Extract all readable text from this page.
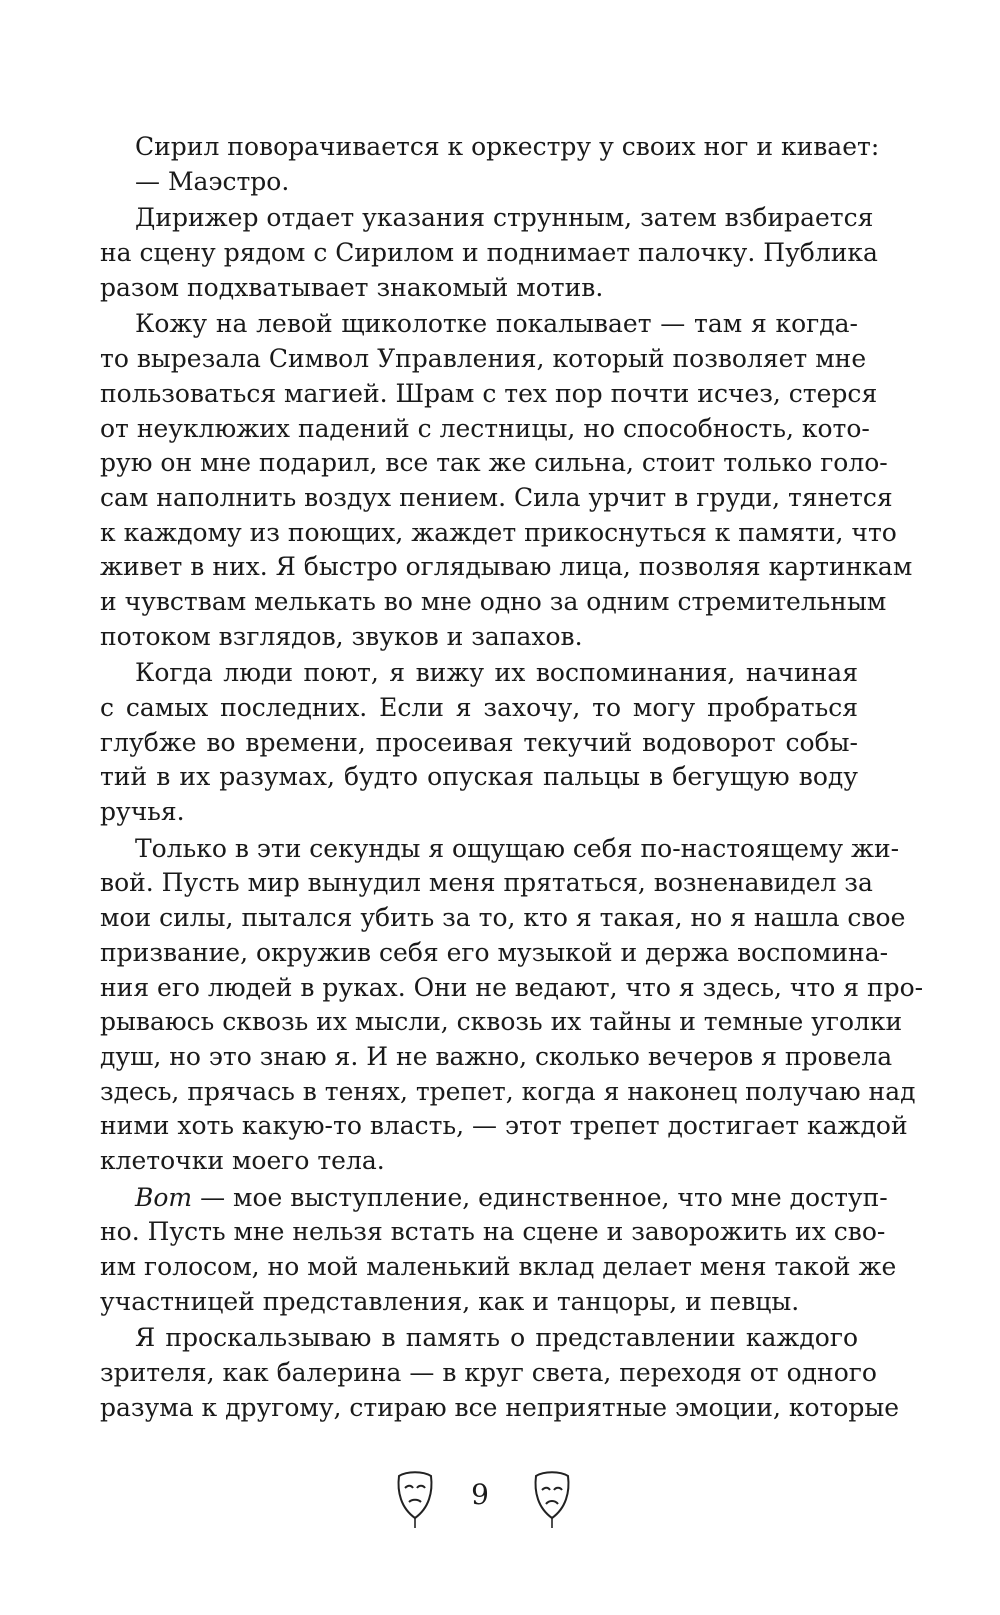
Сирил поворачивается к оркестру у своих ног и кивает:
— Маэстро.
Дирижер отдает указания струнным, затем взбирается
на сцену рядом с Сирилом и поднимает палочку. Публика
разом подхватывает знакомый мотив.
Кожу на левой щиколотке покалывает — там я когда-
то вырезала Символ Управления, который позволяет мне
пользоваться магией. Шрам с тех пор почти исчез, стерся
от неуклюжих падений с лестницы, но способность, кото-
рую он мне подарил, все так же сильна, стоит только голо-
сам наполнить воздух пением. Сила урчит в груди, тянется
к каждому из поющих, жаждет прикоснуться к памяти, что
живет в них. Я быстро оглядываю лица, позволяя картинкам
и чувствам мелькать во мне одно за одним стремительным
потоком взглядов, звуков и запахов.
Когда люди поют, я вижу их воспоминания, начиная
с самых последних. Если я захочу, то могу пробраться
глубже во времени, просеивая текучий водоворот собы-
тий в их разумах, будто опуская пальцы в бегущую воду
ручья.
Только в эти секунды я ощущаю себя по-настоящему жи-
вой. Пусть мир вынудил меня прятаться, возненавидел за
мои силы, пытался убить за то, кто я такая, но я нашла свое
призвание, окружив себя его музыкой и держа воспомина-
ния его людей в руках. Они не ведают, что я здесь, что я про-
рываюсь сквозь их мысли, сквозь их тайны и темные уголки
душ, но это знаю я. И не важно, сколько вечеров я провела
здесь, прячась в тенях, трепет, когда я наконец получаю над
ними хоть какую-то власть, — этот трепет достигает каждой
клеточки моего тела.
Вот — мое выступление, единственное, что мне доступ-
но. Пусть мне нельзя встать на сцене и заворожить их сво-
им голосом, но мой маленький вклад делает меня такой же
участницей представления, как и танцоры, и певцы.
Я проскальзываю в память о представлении каждого
зрителя, как балерина — в круг света, переходя от одного
разума к другому, стираю все неприятные эмоции, которые
9
